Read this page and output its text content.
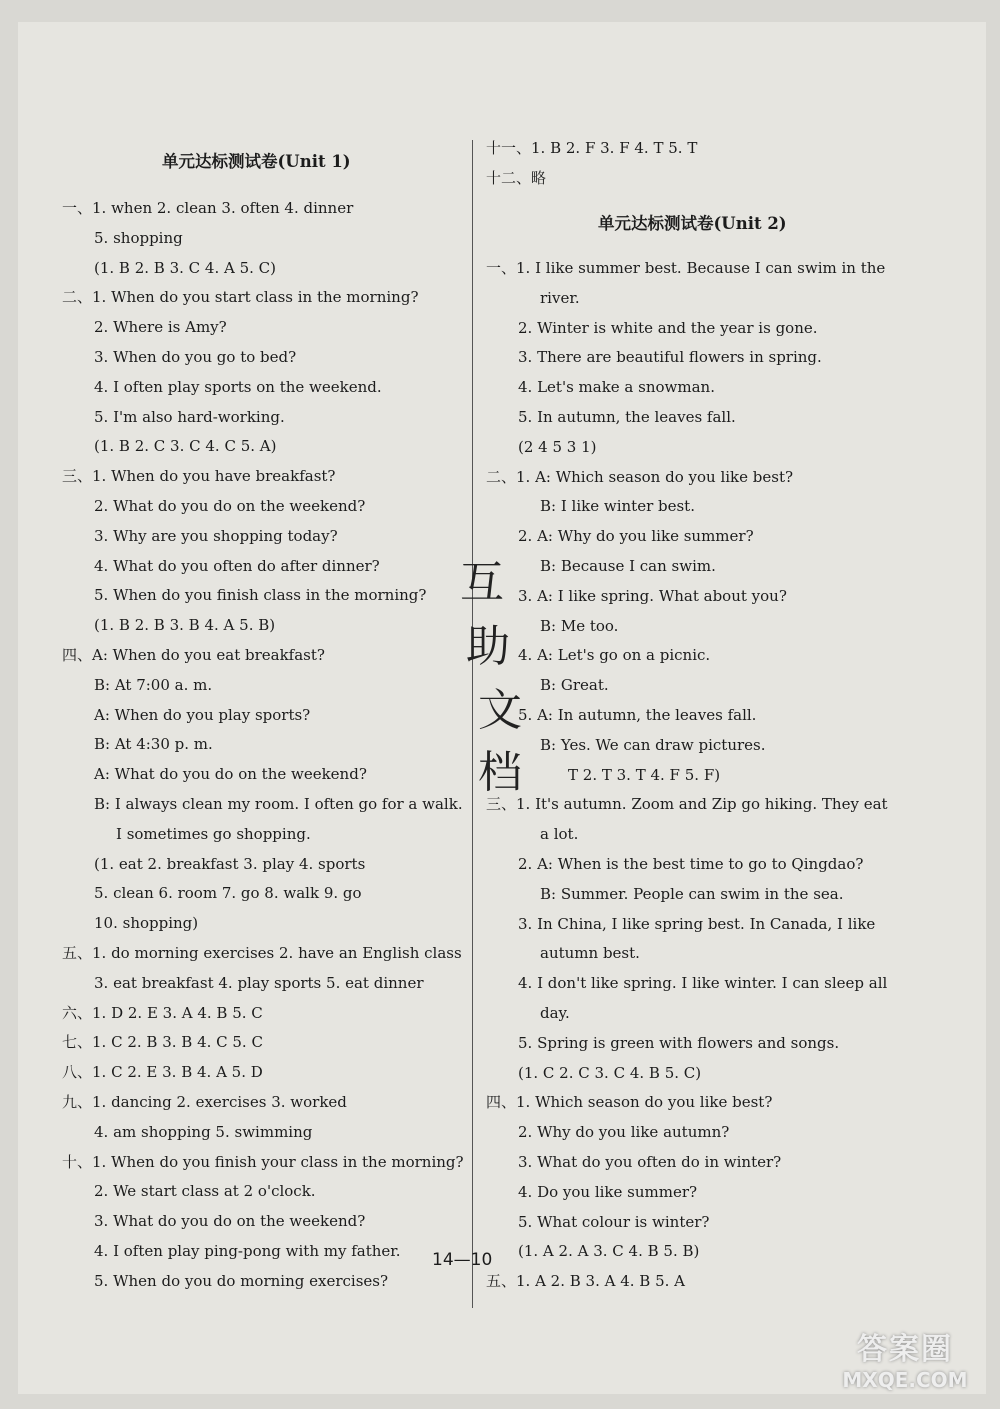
单元达标测试卷(Unit 1)
一、1. when 2. clean 3. often 4. dinner
5. shopping
(1. B 2. B 3. C 4. A 5. C)
二、1. When do you start class in the morning?
2. Where is Amy?
3. When do you go to bed?
4. I often play sports on the weekend.
5. I'm also hard-working.
(1. B 2. C 3. C 4. C 5. A)
三、1. When do you have breakfast?
2. What do you do on the weekend?
3. Why are you shopping today?
4. What do you often do after dinner?
5. When do you finish class in the morning?
(1. B 2. B 3. B 4. A 5. B)
四、A: When do you eat breakfast?
B: At 7:00 a. m.
A: When do you play sports?
B: At 4:30 p. m.
A: What do you do on the weekend?
B: I always clean my room. I often go for a walk.
I sometimes go shopping.
(1. eat 2. breakfast 3. play 4. sports
5. clean 6. room 7. go 8. walk 9. go
10. shopping)
五、1. do morning exercises 2. have an English class
3. eat breakfast 4. play sports 5. eat dinner
六、1. D 2. E 3. A 4. B 5. C
七、1. C 2. B 3. B 4. C 5. C
八、1. C 2. E 3. B 4. A 5. D
九、1. dancing 2. exercises 3. worked
4. am shopping 5. swimming
十、1. When do you finish your class in the morning?
2. We start class at 2 o'clock.
3. What do you do on the weekend?
4. I often play ping-pong with my father.
5. When do you do morning exercises?
十一、1. B 2. F 3. F 4. T 5. T
十二、略
单元达标测试卷(Unit 2)
一、1. I like summer best. Because I can swim in the
river.
2. Winter is white and the year is gone.
3. There are beautiful flowers in spring.
4. Let's make a snowman.
5. In autumn, the leaves fall.
(2 4 5 3 1)
二、1. A: Which season do you like best?
B: I like winter best.
2. A: Why do you like summer?
B: Because I can swim.
3. A: I like spring. What about you?
B: Me too.
4. A: Let's go on a picnic.
B: Great.
5. A: In autumn, the leaves fall.
B: Yes. We can draw pictures.
T 2. T 3. T 4. F 5. F)
三、1. It's autumn. Zoom and Zip go hiking. They eat
a lot.
2. A: When is the best time to go to Qingdao?
B: Summer. People can swim in the sea.
3. In China, I like spring best. In Canada, I like
autumn best.
4. I don't like spring. I like winter. I can sleep all
day.
5. Spring is green with flowers and songs.
(1. C 2. C 3. C 4. B 5. C)
四、1. Which season do you like best?
2. Why do you like autumn?
3. What do you often do in winter?
4. Do you like summer?
5. What colour is winter?
(1. A 2. A 3. C 4. B 5. B)
五、1. A 2. B 3. A 4. B 5. A
互
助
文
档
14—10
答案圈
MXQE.COM
